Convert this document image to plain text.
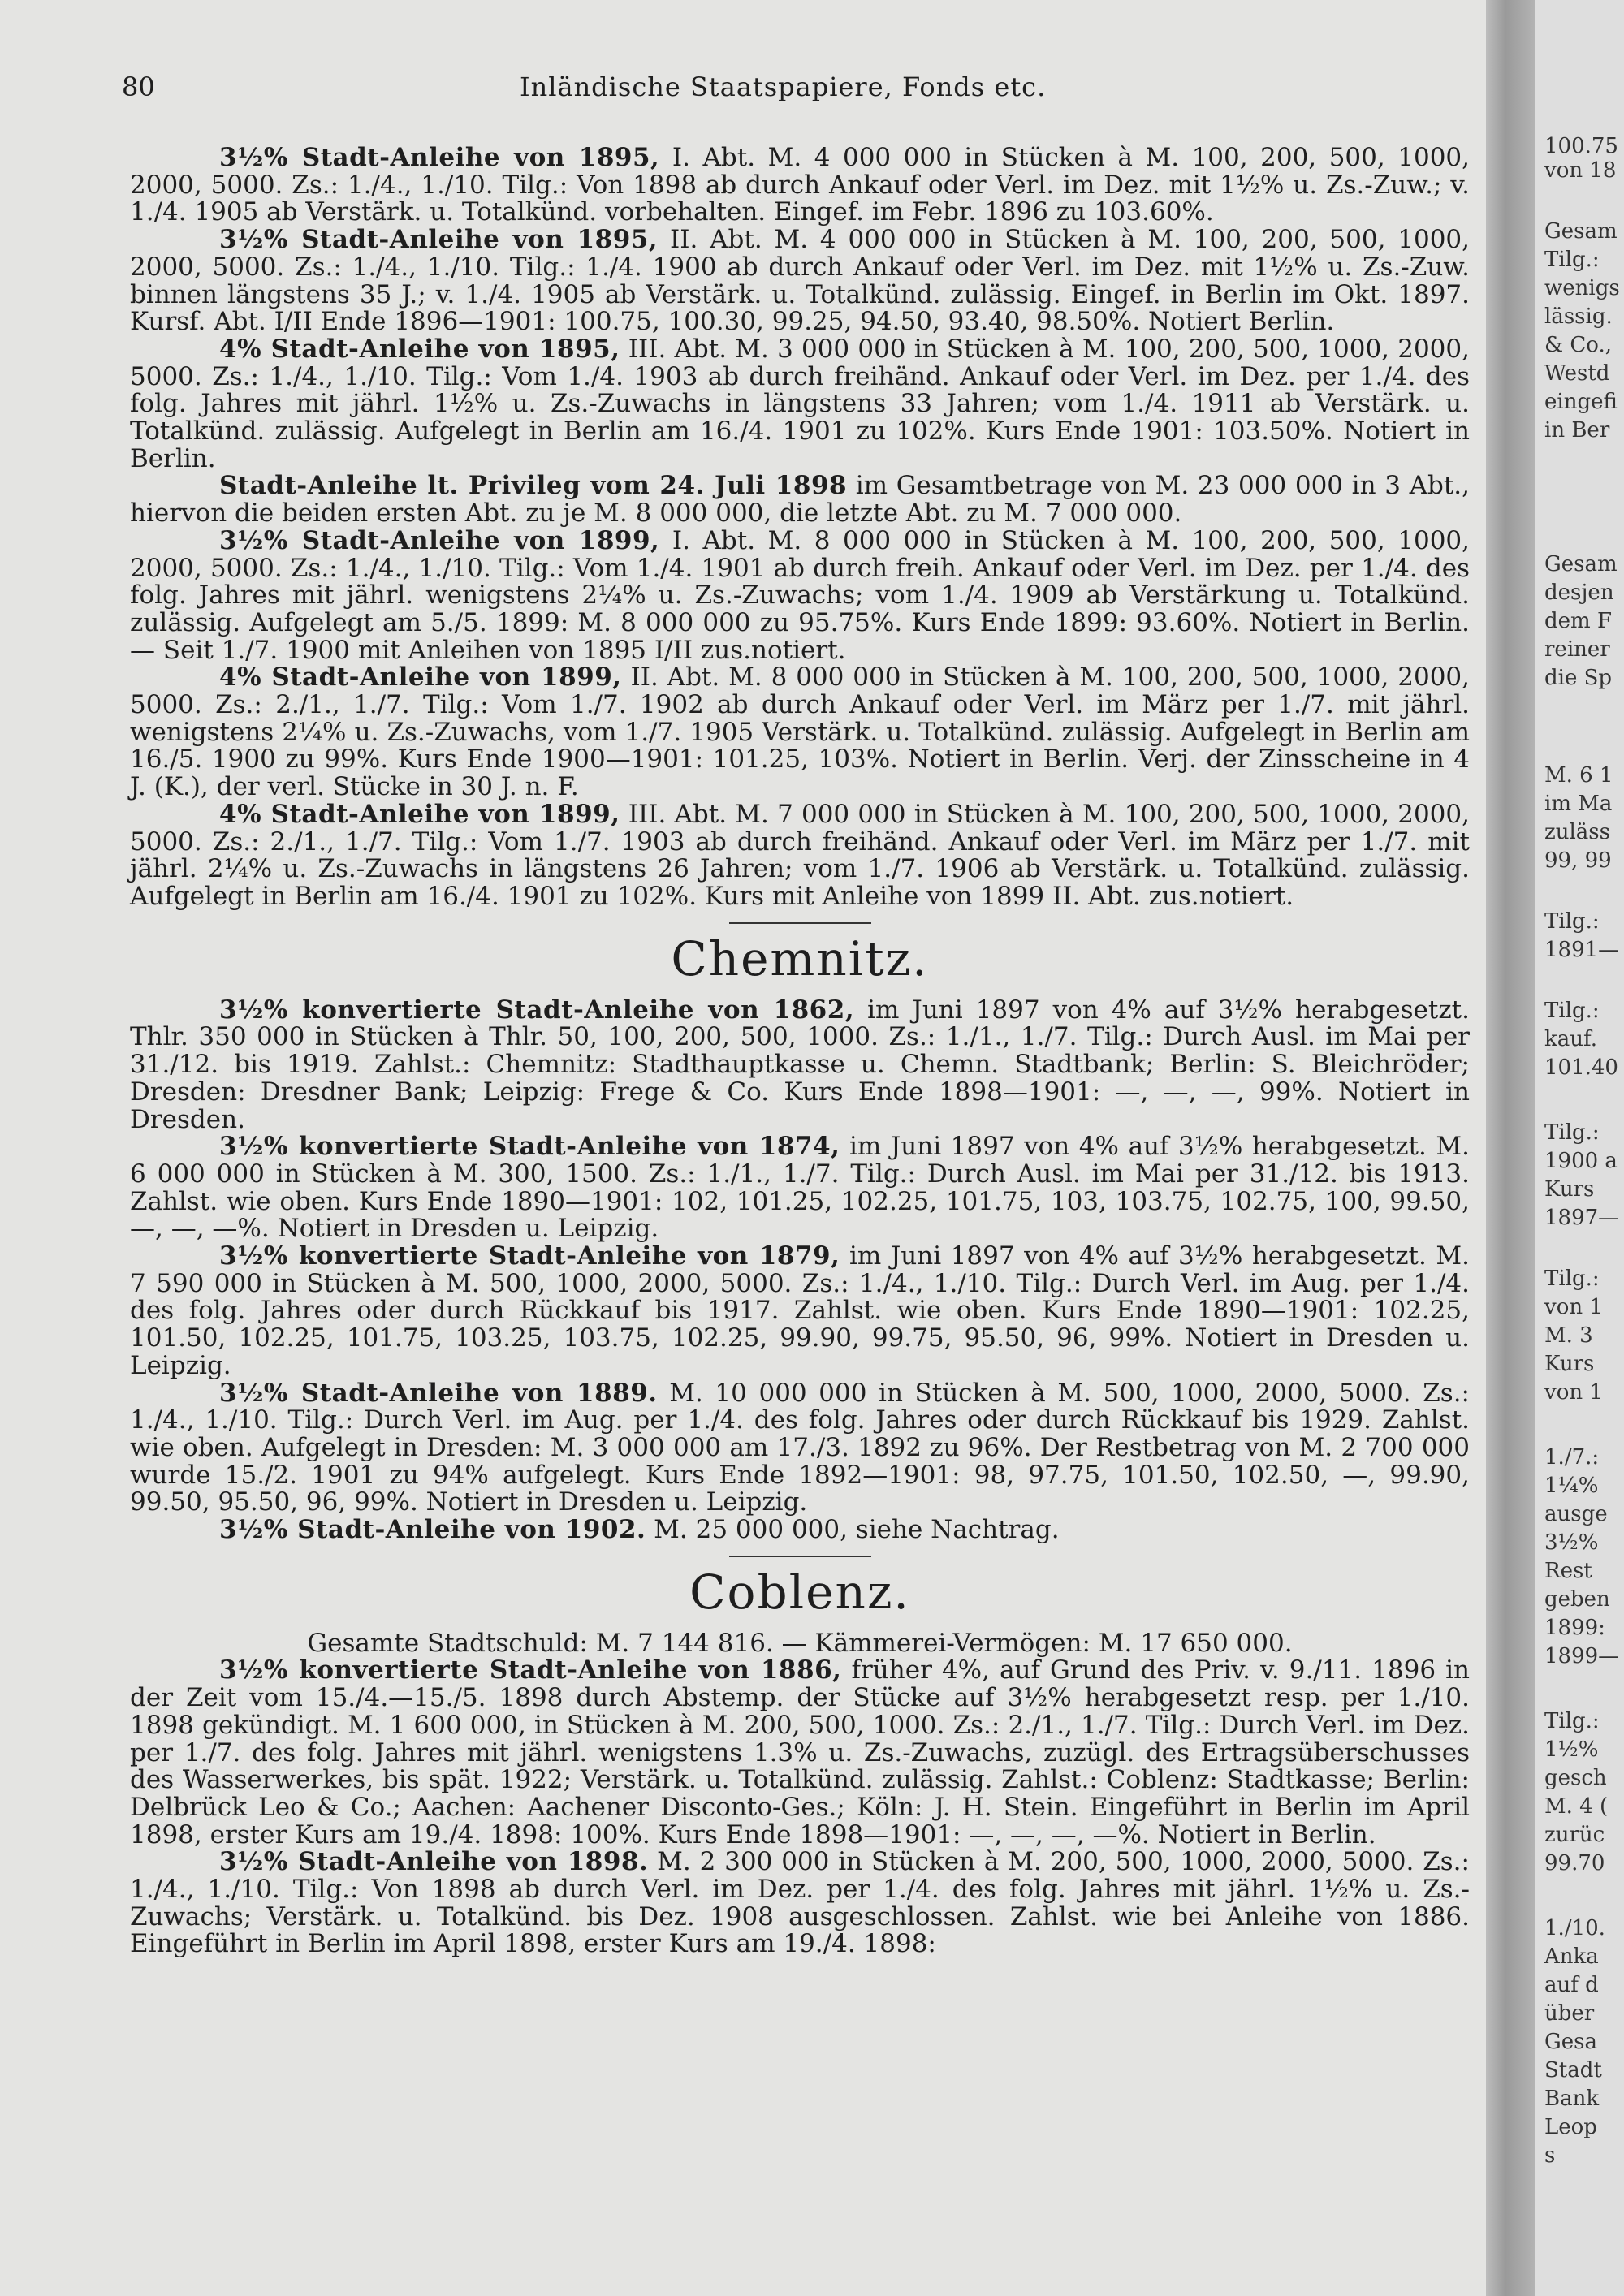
80	Inländische Staatspapiere, Fonds etc.

3½% Stadt-Anleihe von 1895, I. Abt. M. 4 000 000 in Stücken à M. 100, 200, 500, 1000, 2000, 5000. Zs.: 1./4., 1./10. Tilg.: Von 1898 ab durch Ankauf oder Verl. im Dez. mit 1½% u. Zs.-Zuw.; v. 1./4. 1905 ab Verstärk. u. Totalkünd. vorbehalten. Eingef. im Febr. 1896 zu 103.60%.

3½% Stadt-Anleihe von 1895, II. Abt. M. 4 000 000 in Stücken à M. 100, 200, 500, 1000, 2000, 5000. Zs.: 1./4., 1./10. Tilg.: 1./4. 1900 ab durch Ankauf oder Verl. im Dez. mit 1½% u. Zs.-Zuw. binnen längstens 35 J.; v. 1./4. 1905 ab Verstärk. u. Totalkünd. zulässig. Eingef. in Berlin im Okt. 1897. Kursf. Abt. I/II Ende 1896—1901: 100.75, 100.30, 99.25, 94.50, 93.40, 98.50%. Notiert Berlin.

4% Stadt-Anleihe von 1895, III. Abt. M. 3 000 000 in Stücken à M. 100, 200, 500, 1000, 2000, 5000. Zs.: 1./4., 1./10. Tilg.: Vom 1./4. 1903 ab durch freihänd. Ankauf oder Verl. im Dez. per 1./4. des folg. Jahres mit jährl. 1½% u. Zs.-Zuwachs in längstens 33 Jahren; vom 1./4. 1911 ab Verstärk. u. Totalkünd. zulässig. Aufgelegt in Berlin am 16./4. 1901 zu 102%. Kurs Ende 1901: 103.50%. Notiert in Berlin.

Stadt-Anleihe lt. Privileg vom 24. Juli 1898 im Gesamtbetrage von M. 23 000 000 in 3 Abt., hiervon die beiden ersten Abt. zu je M. 8 000 000, die letzte Abt. zu M. 7 000 000.

3½% Stadt-Anleihe von 1899, I. Abt. M. 8 000 000 in Stücken à M. 100, 200, 500, 1000, 2000, 5000. Zs.: 1./4., 1./10. Tilg.: Vom 1./4. 1901 ab durch freih. Ankauf oder Verl. im Dez. per 1./4. des folg. Jahres mit jährl. wenigstens 2¼% u. Zs.-Zuwachs; vom 1./4. 1909 ab Verstärkung u. Totalkünd. zulässig. Aufgelegt am 5./5. 1899: M. 8 000 000 zu 95.75%. Kurs Ende 1899: 93.60%. Notiert in Berlin. — Seit 1./7. 1900 mit Anleihen von 1895 I/II zus.notiert.

4% Stadt-Anleihe von 1899, II. Abt. M. 8 000 000 in Stücken à M. 100, 200, 500, 1000, 2000, 5000. Zs.: 2./1., 1./7. Tilg.: Vom 1./7. 1902 ab durch Ankauf oder Verl. im März per 1./7. mit jährl. wenigstens 2¼% u. Zs.-Zuwachs, vom 1./7. 1905 Verstärk. u. Totalkünd. zulässig. Aufgelegt in Berlin am 16./5. 1900 zu 99%. Kurs Ende 1900—1901: 101.25, 103%. Notiert in Berlin. Verj. der Zinsscheine in 4 J. (K.), der verl. Stücke in 30 J. n. F.

4% Stadt-Anleihe von 1899, III. Abt. M. 7 000 000 in Stücken à M. 100, 200, 500, 1000, 2000, 5000. Zs.: 2./1., 1./7. Tilg.: Vom 1./7. 1903 ab durch freihänd. Ankauf oder Verl. im März per 1./7. mit jährl. 2¼% u. Zs.-Zuwachs in längstens 26 Jahren; vom 1./7. 1906 ab Verstärk. u. Totalkünd. zulässig. Aufgelegt in Berlin am 16./4. 1901 zu 102%. Kurs mit Anleihe von 1899 II. Abt. zus.notiert.

Chemnitz.

3½% konvertierte Stadt-Anleihe von 1862, im Juni 1897 von 4% auf 3½% herabgesetzt. Thlr. 350 000 in Stücken à Thlr. 50, 100, 200, 500, 1000. Zs.: 1./1., 1./7. Tilg.: Durch Ausl. im Mai per 31./12. bis 1919. Zahlst.: Chemnitz: Stadthauptkasse u. Chemn. Stadtbank; Berlin: S. Bleichröder; Dresden: Dresdner Bank; Leipzig: Frege & Co. Kurs Ende 1898—1901: —, —, —, 99%. Notiert in Dresden.

3½% konvertierte Stadt-Anleihe von 1874, im Juni 1897 von 4% auf 3½% herabgesetzt. M. 6 000 000 in Stücken à M. 300, 1500. Zs.: 1./1., 1./7. Tilg.: Durch Ausl. im Mai per 31./12. bis 1913. Zahlst. wie oben. Kurs Ende 1890—1901: 102, 101.25, 102.25, 101.75, 103, 103.75, 102.75, 100, 99.50, —, —, —%. Notiert in Dresden u. Leipzig.

3½% konvertierte Stadt-Anleihe von 1879, im Juni 1897 von 4% auf 3½% herabgesetzt. M. 7 590 000 in Stücken à M. 500, 1000, 2000, 5000. Zs.: 1./4., 1./10. Tilg.: Durch Verl. im Aug. per 1./4. des folg. Jahres oder durch Rückkauf bis 1917. Zahlst. wie oben. Kurs Ende 1890—1901: 102.25, 101.50, 102.25, 101.75, 103.25, 103.75, 102.25, 99.90, 99.75, 95.50, 96, 99%. Notiert in Dresden u. Leipzig.

3½% Stadt-Anleihe von 1889. M. 10 000 000 in Stücken à M. 500, 1000, 2000, 5000. Zs.: 1./4., 1./10. Tilg.: Durch Verl. im Aug. per 1./4. des folg. Jahres oder durch Rückkauf bis 1929. Zahlst. wie oben. Aufgelegt in Dresden: M. 3 000 000 am 17./3. 1892 zu 96%. Der Restbetrag von M. 2 700 000 wurde 15./2. 1901 zu 94% aufgelegt. Kurs Ende 1892—1901: 98, 97.75, 101.50, 102.50, —, 99.90, 99.50, 95.50, 96, 99%. Notiert in Dresden u. Leipzig.

3½% Stadt-Anleihe von 1902. M. 25 000 000, siehe Nachtrag.

Coblenz.

Gesamte Stadtschuld: M. 7 144 816. — Kämmerei-Vermögen: M. 17 650 000.

3½% konvertierte Stadt-Anleihe von 1886, früher 4%, auf Grund des Priv. v. 9./11. 1896 in der Zeit vom 15./4.—15./5. 1898 durch Abstemp. der Stücke auf 3½% herabgesetzt resp. per 1./10. 1898 gekündigt. M. 1 600 000, in Stücken à M. 200, 500, 1000. Zs.: 2./1., 1./7. Tilg.: Durch Verl. im Dez. per 1./7. des folg. Jahres mit jährl. wenigstens 1.3% u. Zs.-Zuwachs, zuzügl. des Ertragsüberschusses des Wasserwerkes, bis spät. 1922; Verstärk. u. Totalkünd. zulässig. Zahlst.: Coblenz: Stadtkasse; Berlin: Delbrück Leo & Co.; Aachen: Aachener Disconto-Ges.; Köln: J. H. Stein. Eingeführt in Berlin im April 1898, erster Kurs am 19./4. 1898: 100%. Kurs Ende 1898—1901: —, —, —, —%. Notiert in Berlin.

3½% Stadt-Anleihe von 1898. M. 2 300 000 in Stücken à M. 200, 500, 1000, 2000, 5000. Zs.: 1./4., 1./10. Tilg.: Von 1898 ab durch Verl. im Dez. per 1./4. des folg. Jahres mit jährl. 1½% u. Zs.-Zuwachs; Verstärk. u. Totalkünd. bis Dez. 1908 ausgeschlossen. Zahlst. wie bei Anleihe von 1886. Eingeführt in Berlin im April 1898, erster Kurs am 19./4. 1898:

100.75
von 18
Gesam
Tilg.:
wenigs
lässig.
& Co.,
Westd
eingefi
in Ber
Gesam
desjen
dem F
reiner
die Sp
M. 6 1
im Ma
zuläss
99, 99
Tilg.:
1891—
Tilg.:
kauf.
101.40
Tilg.:
1900 a
Kurs
1897—
Tilg.:
von 1
M. 3
Kurs
von 1
1./7.:
1¼%
ausge
3½%
Rest
geben
1899:
1899—
Tilg.:
1½%
gesch
M. 4 (
zurüc
99.70
1./10.
Anka
auf d
über
Gesa
Stadt
Bank
Leop
s
